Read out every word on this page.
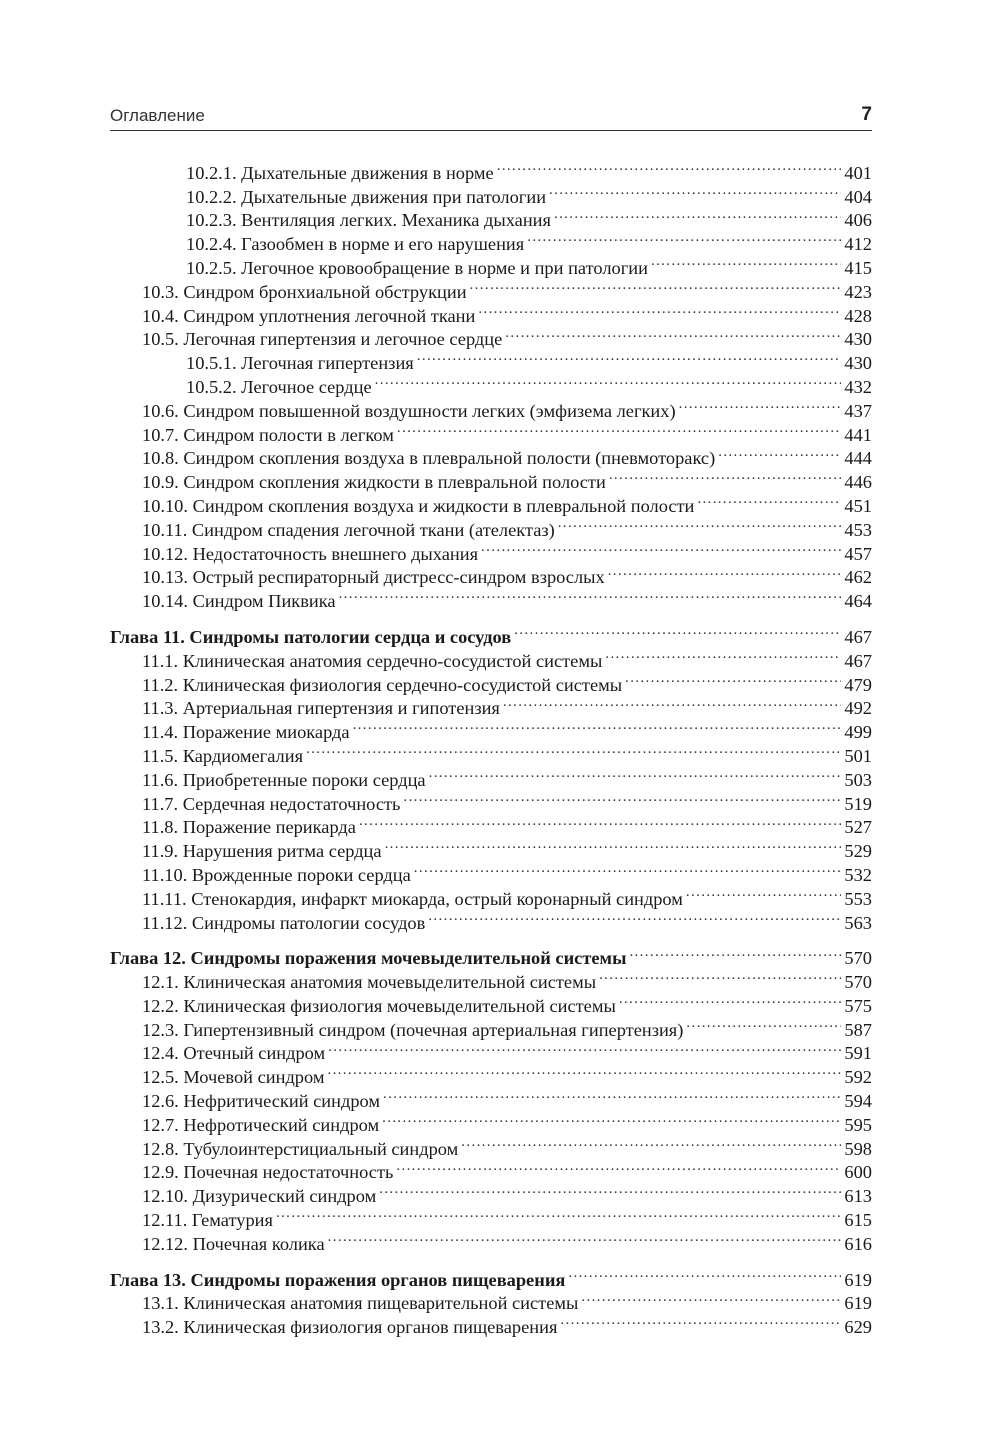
Оглавление	7
10.2.1. Дыхательные движения в норме . . .	401
10.2.2. Дыхательные движения при патологии . . .	404
10.2.3. Вентиляция легких. Механика дыхания . . .	406
10.2.4. Газообмен в норме и его нарушения . . .	412
10.2.5. Легочное кровообращение в норме и при патологии . . .	415
10.3. Синдром бронхиальной обструкции . . .	423
10.4. Синдром уплотнения легочной ткани . . .	428
10.5. Легочная гипертензия и легочное сердце . . .	430
10.5.1. Легочная гипертензия . . .	430
10.5.2. Легочное сердце . . .	432
10.6. Синдром повышенной воздушности легких (эмфизема легких) . . .	437
10.7. Синдром полости в легком . . .	441
10.8. Синдром скопления воздуха в плевральной полости (пневмоторакс) . . .	444
10.9. Синдром скопления жидкости в плевральной полости . . .	446
10.10. Синдром скопления воздуха и жидкости в плевральной полости . . .	451
10.11. Синдром спадения легочной ткани (ателектаз) . . .	453
10.12. Недостаточность внешнего дыхания . . .	457
10.13. Острый респираторный дистресс-синдром взрослых . . .	462
10.14. Синдром Пиквика . . .	464
Глава 11. Синдромы патологии сердца и сосудов . . .	467
11.1. Клиническая анатомия сердечно-сосудистой системы . . .	467
11.2. Клиническая физиология сердечно-сосудистой системы . . .	479
11.3. Артериальная гипертензия и гипотензия . . .	492
11.4. Поражение миокарда . . .	499
11.5. Кардиомегалия . . .	501
11.6. Приобретенные пороки сердца . . .	503
11.7. Сердечная недостаточность . . .	519
11.8. Поражение перикарда . . .	527
11.9. Нарушения ритма сердца . . .	529
11.10. Врожденные пороки сердца . . .	532
11.11. Стенокардия, инфаркт миокарда, острый коронарный синдром . . .	553
11.12. Синдромы патологии сосудов . . .	563
Глава 12. Синдромы поражения мочевыделительной системы . . .	570
12.1. Клиническая анатомия мочевыделительной системы . . .	570
12.2. Клиническая физиология мочевыделительной системы . . .	575
12.3. Гипертензивный синдром (почечная артериальная гипертензия) . . .	587
12.4. Отечный синдром . . .	591
12.5. Мочевой синдром . . .	592
12.6. Нефритический синдром . . .	594
12.7. Нефротический синдром . . .	595
12.8. Тубулоинтерстициальный синдром . . .	598
12.9. Почечная недостаточность . . .	600
12.10. Дизурический синдром . . .	613
12.11. Гематурия . . .	615
12.12. Почечная колика . . .	616
Глава 13. Синдромы поражения органов пищеварения . . .	619
13.1. Клиническая анатомия пищеварительной системы . . .	619
13.2. Клиническая физиология органов пищеварения . . .	629
